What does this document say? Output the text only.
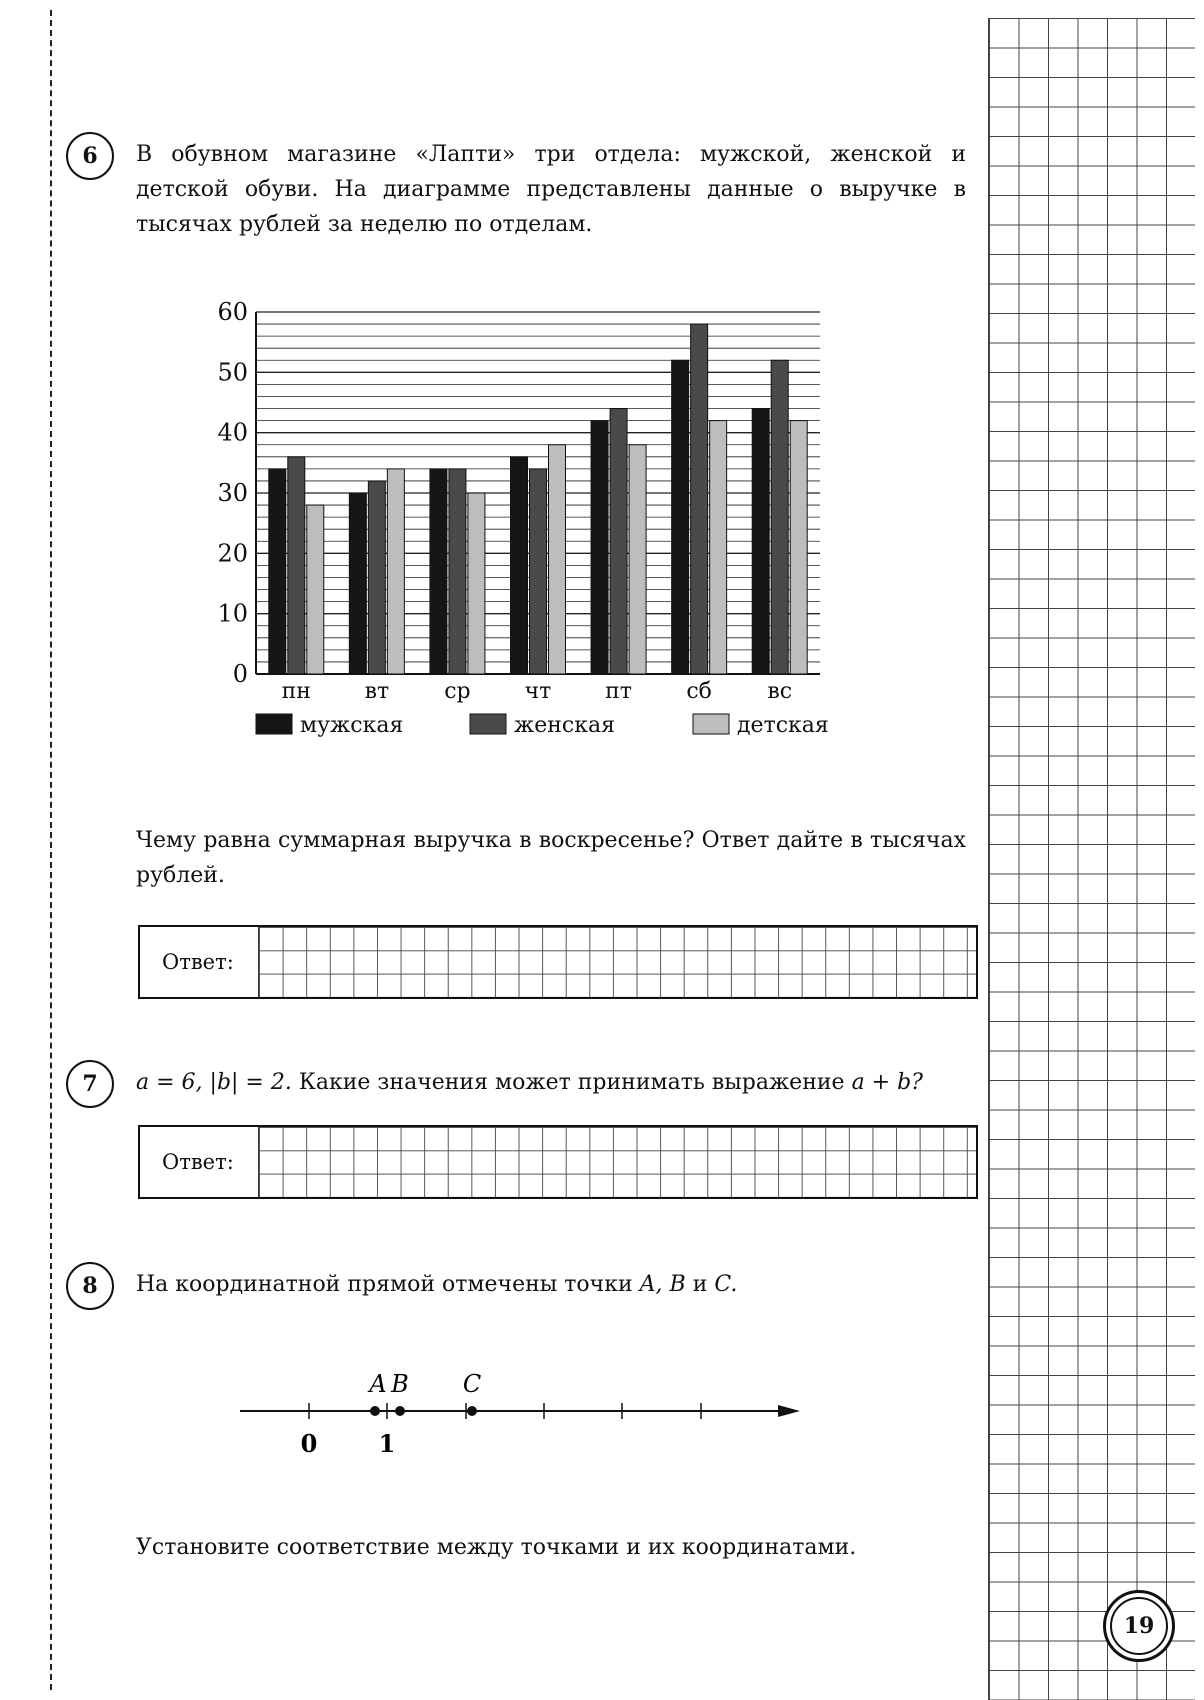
6 В обувном магазине «Лапти» три отдела: мужской, женской и детской обуви. На диаграмме представлены данные о выручке в тысячах рублей за неделю по отделам.
0
10
20
30
40
50
60
пн вт	ср чт пт сб	вс
мужская	женская	детская
Чему равна суммарная выручка в воскресенье? Ответ дайте в тысячах рублей.
Ответ:
7 a = 6, |b| = 2. Какие значения может принимать выражение a + b?
Ответ:
8 На координатной прямой отмечены точки A, B и C.
A B C
0	1
Установите соответствие между точками и их координатами.
19
